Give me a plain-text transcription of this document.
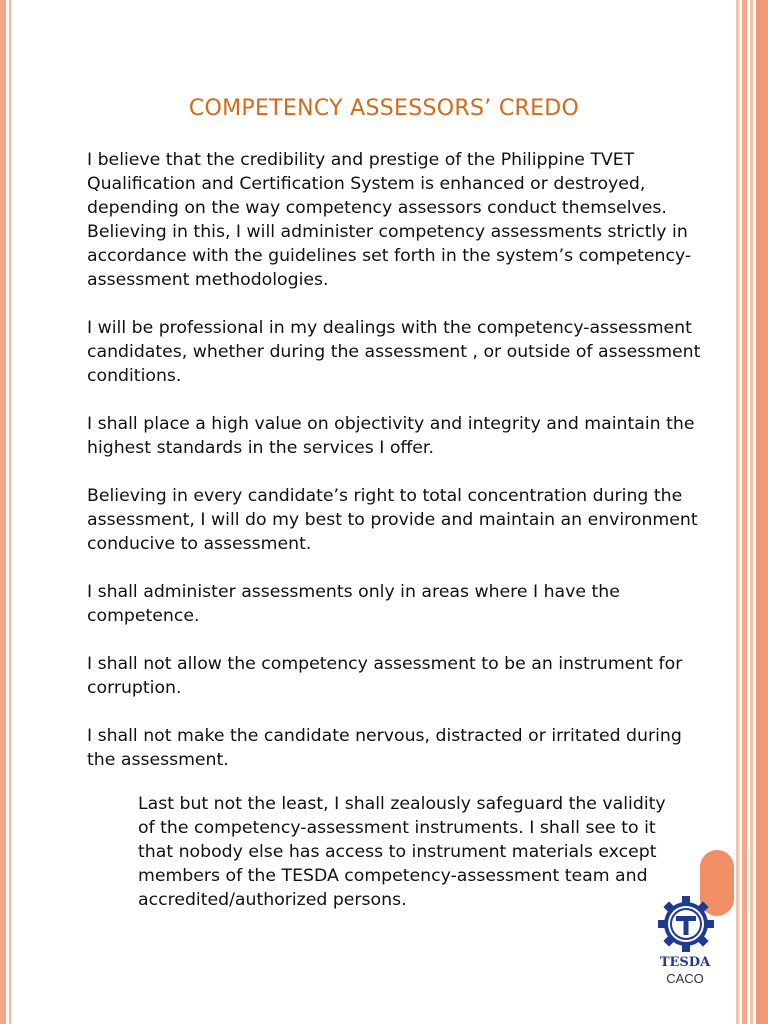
COMPETENCY ASSESSORS’ CREDO

I believe that the credibility and prestige of the Philippine TVET Qualification and Certification System is enhanced or destroyed, depending on the way competency assessors conduct themselves. Believing in this, I will administer competency assessments strictly in accordance with the guidelines set forth in the system’s competency- assessment methodologies.

I will be professional in my dealings with the competency-assessment candidates, whether during the assessment , or outside of assessment conditions.

I shall place a high value on objectivity and integrity and maintain the highest standards in the services I offer.

Believing in every candidate’s right to total concentration during the assessment, I will do my best to provide and maintain an environment conducive to assessment.

I shall administer assessments only in areas where I have the competence.

I shall not allow the competency assessment to be an instrument for corruption.

I shall not make the candidate nervous, distracted or irritated during the assessment.

Last but not the least, I shall zealously safeguard the validity of the competency-assessment instruments. I shall see to it that nobody else has access to instrument materials except members of the TESDA competency-assessment team and accredited/authorized persons.
TESDA
CACO
